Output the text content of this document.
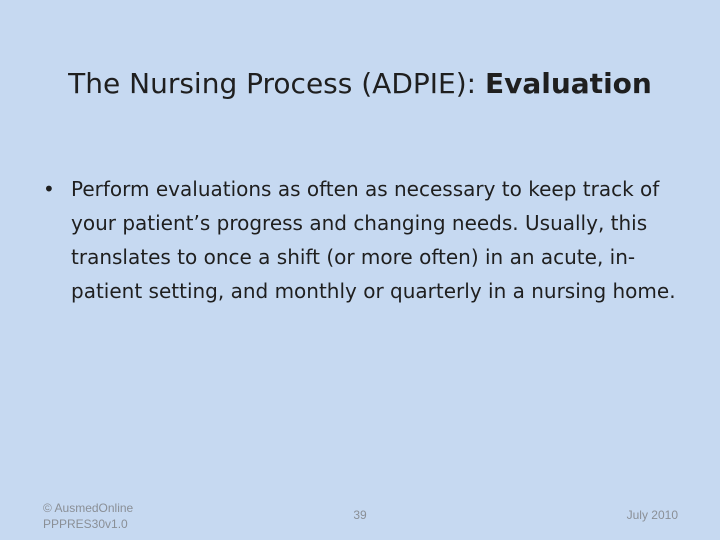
The Nursing Process (ADPIE): Evaluation
• Perform evaluations as often as necessary to keep track of your patient’s progress and changing needs. Usually, this translates to once a shift (or more often) in an acute, in-patient setting, and monthly or quarterly in a nursing home.
© AusmedOnline
PPPRES30v1.0
39	July 2010
